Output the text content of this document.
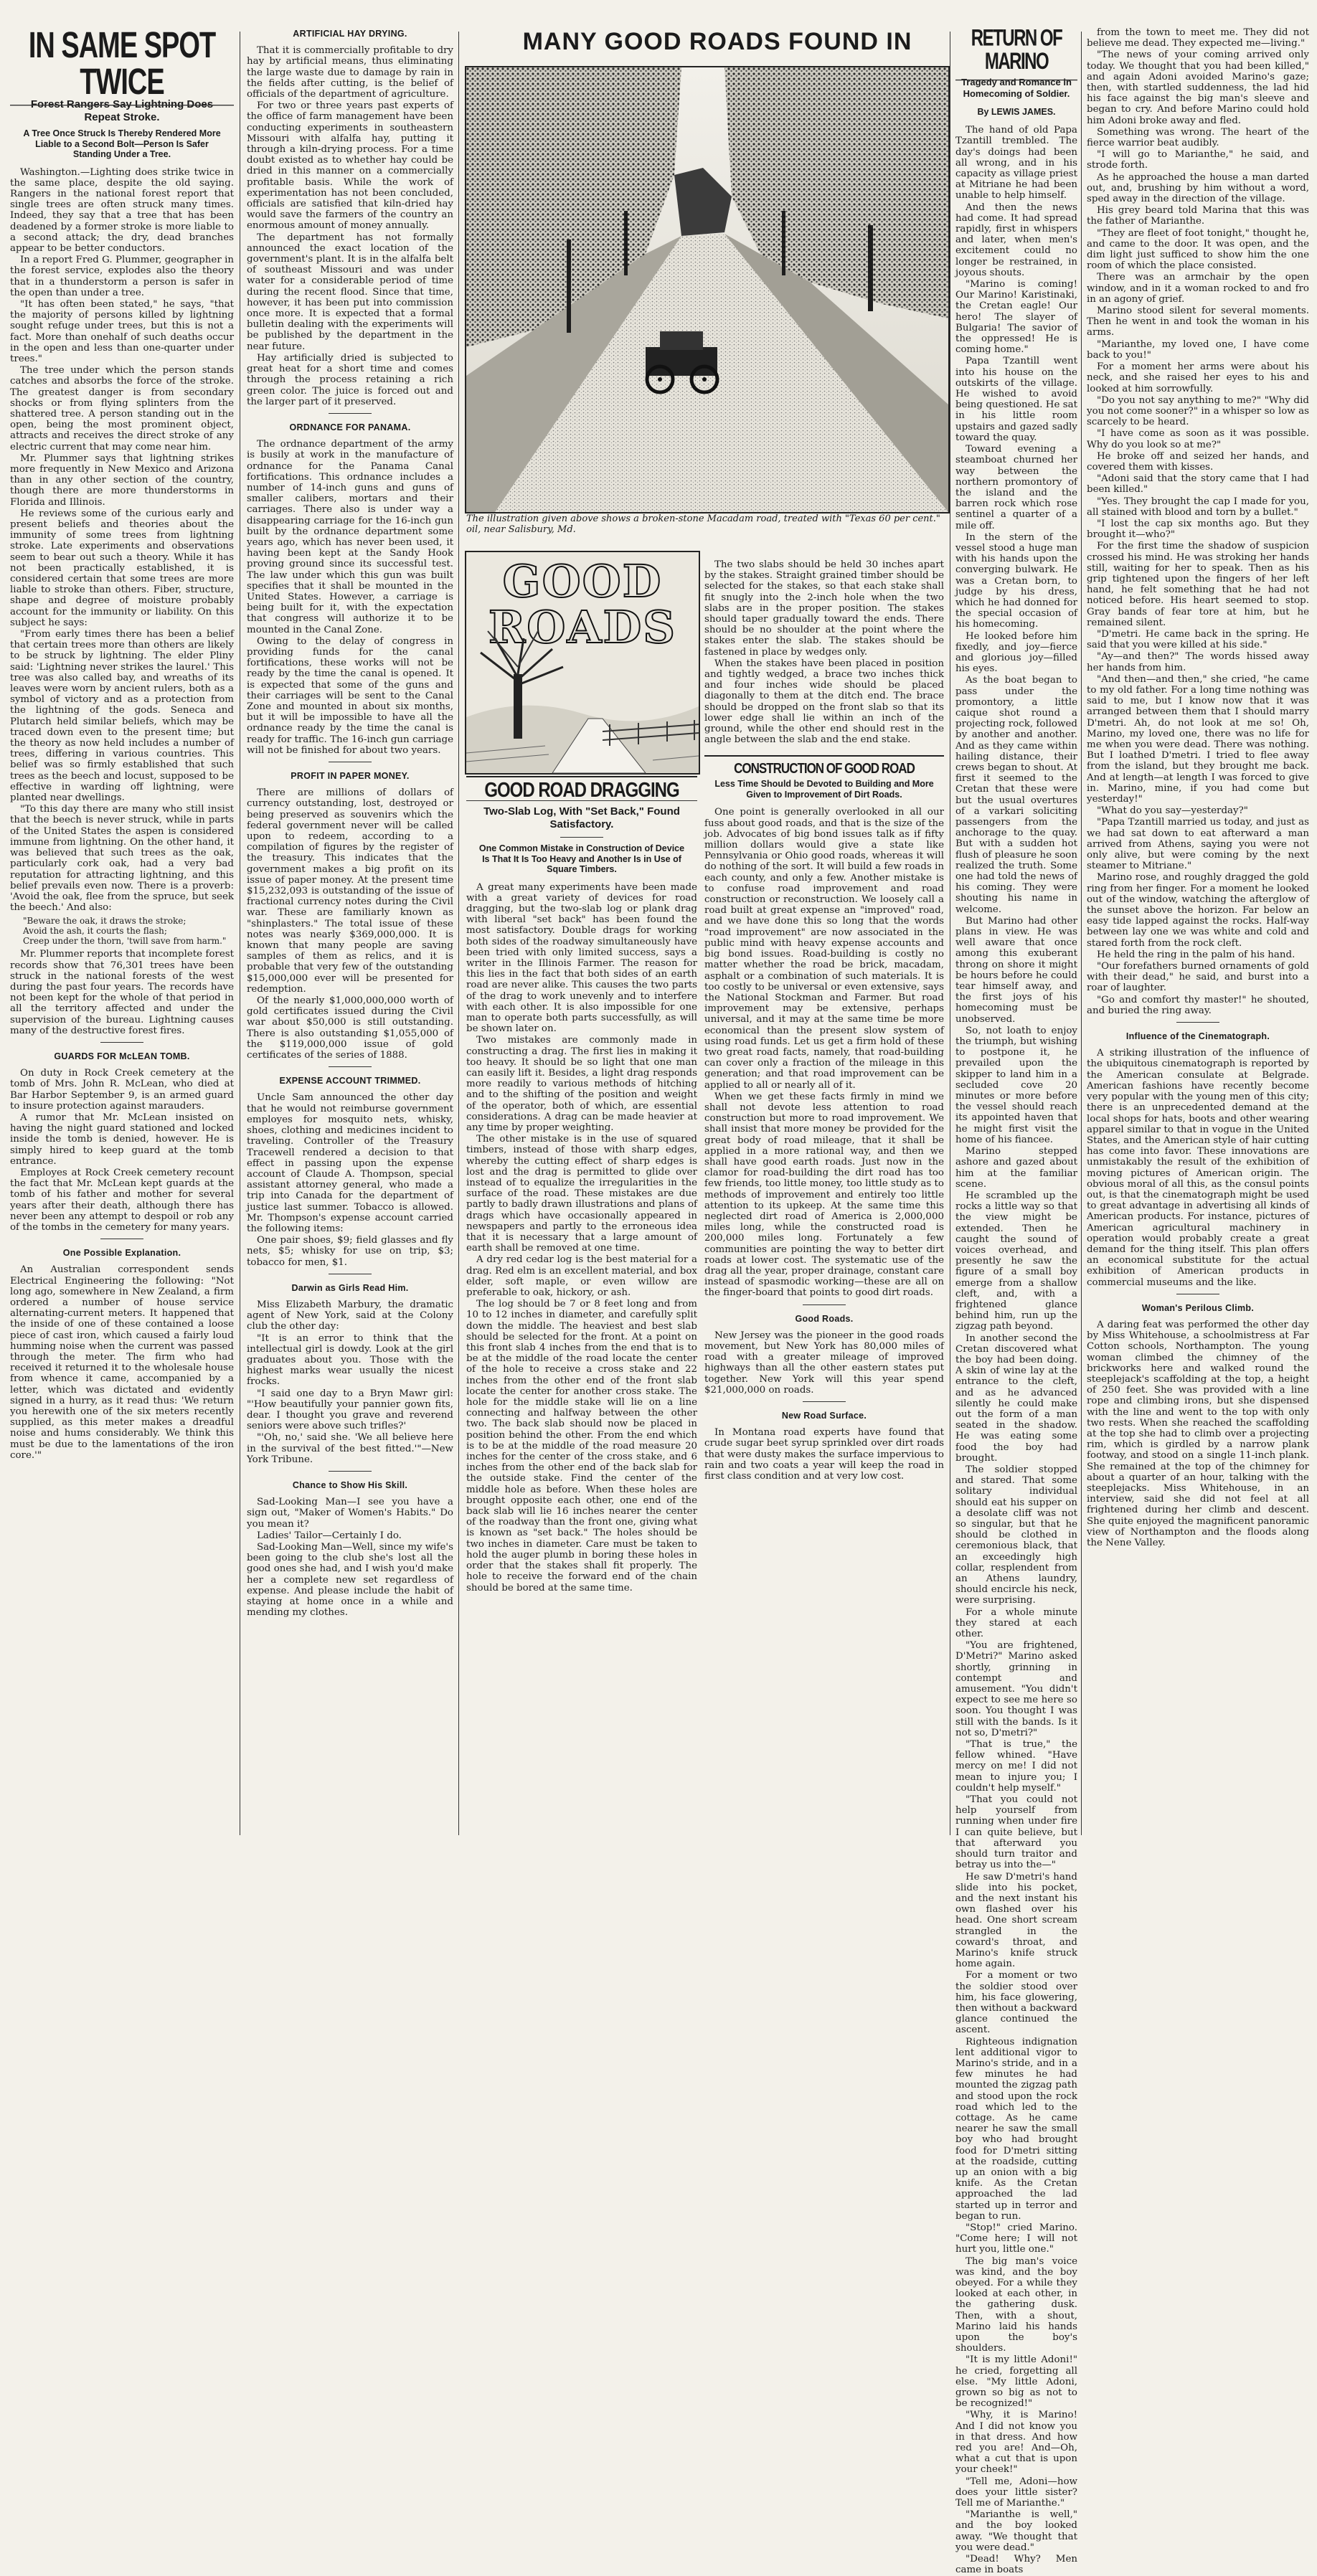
IN SAME SPOT TWICE
Forest Rangers Say Lightning Does Repeat Stroke.
A Tree Once Struck Is Thereby Rendered More Liable to a Second Bolt—Person Is Safer Standing Under a Tree.

Washington.—Lighting does strike twice in the same place, despite the old saying. Rangers in the national forest report that single trees are often struck many times. Indeed, they say that a tree that has been deadened by a former stroke is more liable to a second attack; the dry, dead branches appear to be better conductors.

In a report Fred G. Plummer, geographer in the forest service, explodes also the theory that in a thunderstorm a person is safer in the open than under a tree.

"It has often been stated," he says, "that the majority of persons killed by lightning sought refuge under trees, but this is not a fact. More than onehalf of such deaths occur in the open and less than one-quarter under trees."

The tree under which the person stands catches and absorbs the force of the stroke. The greatest danger is from secondary shocks or from flying splinters from the shattered tree. A person standing out in the open, being the most prominent object, attracts and receives the direct stroke of any electric current that may come near him.

Mr. Plummer says that lightning strikes more frequently in New Mexico and Arizona than in any other section of the country, though there are more thunderstorms in Florida and Illinois.

He reviews some of the curious early and present beliefs and theories about the immunity of some trees from lightning stroke. Late experiments and observations seem to bear out such a theory. While it has not been practically established, it is considered certain that some trees are more liable to stroke than others. Fiber, structure, shape and degree of moisture probably account for the immunity or liability. On this subject he says:

"From early times there has been a belief that certain trees more than others are likely to be struck by lightning. The elder Pliny said: 'Lightning never strikes the laurel.' This tree was also called bay, and wreaths of its leaves were worn by ancient rulers, both as a symbol of victory and as a protection from the lightning of the gods. Seneca and Plutarch held similar beliefs, which may be traced down even to the present time; but the theory as now held includes a number of trees, differing in various countries. This belief was so firmly established that such trees as the beech and locust, supposed to be effective in warding off lightning, were planted near dwellings.

"To this day there are many who still insist that the beech is never struck, while in parts of the United States the aspen is considered immune from lightning. On the other hand, it was believed that such trees as the oak, particularly cork oak, had a very bad reputation for attracting lightning, and this belief prevails even now. There is a proverb: 'Avoid the oak, flee from the spruce, but seek the beech.' And also:

"Beware the oak, it draws the stroke;
Avoid the ash, it courts the flash;
Creep under the thorn, 'twill save from harm."

Mr. Plummer reports that incomplete forest records show that 76,301 trees have been struck in the national forests of the west during the past four years. The records have not been kept for the whole of that period in all the territory affected and under the supervision of the bureau. Lightning causes many of the destructive forest fires.

GUARDS FOR McLEAN TOMB.

On duty in Rock Creek cemetery at the tomb of Mrs. John R. McLean, who died at Bar Harbor September 9, is an armed guard to insure protection against marauders.

A rumor that Mr. McLean insisted on having the night guard stationed and locked inside the tomb is denied, however. He is simply hired to keep guard at the tomb entrance.

Employes at Rock Creek cemetery recount the fact that Mr. McLean kept guards at the tomb of his father and mother for several years after their death, although there has never been any attempt to despoil or rob any of the tombs in the cemetery for many years.

One Possible Explanation.

An Australian correspondent sends Electrical Engineering the following: "Not long ago, somewhere in New Zealand, a firm ordered a number of house service alternating-current meters. It happened that the inside of one of these contained a loose piece of cast iron, which caused a fairly loud humming noise when the current was passed through the meter. The firm who had received it returned it to the wholesale house from whence it came, accompanied by a letter, which was dictated and evidently signed in a hurry, as it read thus: 'We return you herewith one of the six meters recently supplied, as this meter makes a dreadful noise and hums considerably. We think this must be due to the lamentations of the iron core.'"

ARTIFICIAL HAY DRYING.

That it is commercially profitable to dry hay by artificial means, thus eliminating the large waste due to damage by rain in the fields after cutting, is the belief of officials of the department of agriculture.

For two or three years past experts of the office of farm management have been conducting experiments in southeastern Missouri with alfalfa hay, putting it through a kiln-drying process. For a time doubt existed as to whether hay could be dried in this manner on a commercially profitable basis. While the work of experimentation has not been concluded, officials are satisfied that kiln-dried hay would save the farmers of the country an enormous amount of money annually.

The department has not formally announced the exact location of the government's plant. It is in the alfalfa belt of southeast Missouri and was under water for a considerable period of time during the recent flood. Since that time, however, it has been put into commission once more. It is expected that a formal bulletin dealing with the experiments will be published by the department in the near future.

Hay artificially dried is subjected to great heat for a short time and comes through the process retaining a rich green color. The juice is forced out and the larger part of it preserved.

ORDNANCE FOR PANAMA.

The ordnance department of the army is busily at work in the manufacture of ordnance for the Panama Canal fortifications. This ordnance includes a number of 14-inch guns and guns of smaller calibers, mortars and their carriages. There also is under way a disappearing carriage for the 16-inch gun built by the ordnance department some years ago, which has never been used, it having been kept at the Sandy Hook proving ground since its successful test. The law under which this gun was built specifies that it shall be mounted in the United States. However, a carriage is being built for it, with the expectation that congress will authorize it to be mounted in the Canal Zone.

Owing to the delay of congress in providing funds for the canal fortifications, these works will not be ready by the time the canal is opened. It is expected that some of the guns and their carriages will be sent to the Canal Zone and mounted in about six months, but it will be impossible to have all the ordnance ready by the time the canal is ready for traffic. The 16-inch gun carriage will not be finished for about two years.

PROFIT IN PAPER MONEY.

There are millions of dollars of currency outstanding, lost, destroyed or being preserved as souvenirs which the federal government never will be called upon to redeem, according to a compilation of figures by the register of the treasury. This indicates that the government makes a big profit on its issue of paper money. At the present time $15,232,093 is outstanding of the issue of fractional currency notes during the Civil war. These are familiarly known as "shinplasters." The total issue of these notes was nearly $369,000,000. It is known that many people are saving samples of them as relics, and it is probable that very few of the outstanding $15,000,000 ever will be presented for redemption.

Of the nearly $1,000,000,000 worth of gold certificates issued during the Civil war about $50,000 is still outstanding. There is also outstanding $1,055,000 of the $119,000,000 issue of gold certificates of the series of 1888.

EXPENSE ACCOUNT TRIMMED.

Uncle Sam announced the other day that he would not reimburse government employes for mosquito nets, whisky, shoes, clothing and medicines incident to traveling. Controller of the Treasury Tracewell rendered a decision to that effect in passing upon the expense account of Claude A. Thompson, special assistant attorney general, who made a trip into Canada for the department of justice last summer. Tobacco is allowed. Mr. Thompson's expense account carried the following items:

One pair shoes, $9; field glasses and fly nets, $5; whisky for use on trip, $3; tobacco for men, $1.

Darwin as Girls Read Him.

Miss Elizabeth Marbury, the dramatic agent of New York, said at the Colony club the other day:

"It is an error to think that the intellectual girl is dowdy. Look at the girl graduates about you. Those with the highest marks wear usually the nicest frocks.

"I said one day to a Bryn Mawr girl: "'How beautifully your pannier gown fits, dear. I thought you grave and reverend seniors were above such trifles?'

"'Oh, no,' said she. 'We all believe here in the survival of the best fitted.'"—New York Tribune.

Chance to Show His Skill.

Sad-Looking Man—I see you have a sign out, "Maker of Women's Habits." Do you mean it?

Ladies' Tailor—Certainly I do.

Sad-Looking Man—Well, since my wife's been going to the club she's lost all the good ones she had, and I wish you'd make her a complete new set regardless of expense. And please include the habit of staying at home once in a while and mending my clothes.

MANY GOOD ROADS FOUND IN
The illustration given above shows a broken-stone Macadam road, treated with "Texas 60 per cent." oil, near Salisbury, Md.
GOOD
ROADS
GOOD ROAD DRAGGING
Two-Slab Log, With "Set Back," Found Satisfactory.
One Common Mistake in Construction of Device Is That It Is Too Heavy and Another Is in Use of Square Timbers.

A great many experiments have been made with a great variety of devices for road dragging, but the two-slab log or plank drag with liberal "set back" has been found the most satisfactory. Double drags for working both sides of the roadway simultaneously have been tried with only limited success, says a writer in the Illinois Farmer. The reason for this lies in the fact that both sides of an earth road are never alike. This causes the two parts of the drag to work unevenly and to interfere with each other. It is also impossible for one man to operate both parts successfully, as will be shown later on.

Two mistakes are commonly made in constructing a drag. The first lies in making it too heavy. It should be so light that one man can easily lift it. Besides, a light drag responds more readily to various methods of hitching and to the shifting of the position and weight of the operator, both of which, are essential considerations. A drag can be made heavier at any time by proper weighting.

The other mistake is in the use of squared timbers, instead of those with sharp edges, whereby the cutting effect of sharp edges is lost and the drag is permitted to glide over instead of to equalize the irregularities in the surface of the road. These mistakes are due partly to badly drawn illustrations and plans of drags which have occasionally appeared in newspapers and partly to the erroneous idea that it is necessary that a large amount of earth shall be removed at one time.

A dry red cedar log is the best material for a drag. Red elm is an excellent material, and box elder, soft maple, or even willow are preferable to oak, hickory, or ash.

The log should be 7 or 8 feet long and from 10 to 12 inches in diameter, and carefully split down the middle. The heaviest and best slab should be selected for the front. At a point on this front slab 4 inches from the end that is to be at the middle of the road locate the center of the hole to receive a cross stake and 22 inches from the other end of the front slab locate the center for another cross stake. The hole for the middle stake will lie on a line connecting and halfway between the other two. The back slab should now be placed in position behind the other. From the end which is to be at the middle of the road measure 20 inches for the center of the cross stake, and 6 inches from the other end of the back slab for the outside stake. Find the center of the middle hole as before. When these holes are brought opposite each other, one end of the back slab will lie 16 inches nearer the center of the roadway than the front one, giving what is known as "set back." The holes should be two inches in diameter. Care must be taken to hold the auger plumb in boring these holes in order that the stakes shall fit properly. The hole to receive the forward end of the chain should be bored at the same time.

The two slabs should be held 30 inches apart by the stakes. Straight grained timber should be selected for the stakes, so that each stake shall fit snugly into the 2-inch hole when the two slabs are in the proper position. The stakes should taper gradually toward the ends. There should be no shoulder at the point where the stakes enter the slab. The stakes should be fastened in place by wedges only.

When the stakes have been placed in position and tightly wedged, a brace two inches thick and four inches wide should be placed diagonally to them at the ditch end. The brace should be dropped on the front slab so that its lower edge shall lie within an inch of the ground, while the other end should rest in the angle between the slab and the end stake.

CONSTRUCTION OF GOOD ROAD
Less Time Should be Devoted to Building and More Given to Improvement of Dirt Roads.

One point is generally overlooked in all our fuss about good roads, and that is the size of the job. Advocates of big bond issues talk as if fifty million dollars would give a state like Pennsylvania or Ohio good roads, whereas it will do nothing of the sort. It will build a few roads in each county, and only a few. Another mistake is to confuse road improvement and road construction or reconstruction. We loosely call a road built at great expense an "improved" road, and we have done this so long that the words "road improvement" are now associated in the public mind with heavy expense accounts and big bond issues. Road-building is costly no matter whether the road be brick, macadam, asphalt or a combination of such materials. It is too costly to be universal or even extensive, says the National Stockman and Farmer. But road improvement may be extensive, perhaps universal, and it may at the same time be more economical than the present slow system of using road funds. Let us get a firm hold of these two great road facts, namely, that road-building can cover only a fraction of the mileage in this generation; and that road improvement can be applied to all or nearly all of it.

When we get these facts firmly in mind we shall not devote less attention to road construction but more to road improvement. We shall insist that more money be provided for the great body of road mileage, that it shall be applied in a more rational way, and then we shall have good earth roads. Just now in the clamor for road-building the dirt road has too few friends, too little money, too little study as to methods of improvement and entirely too little attention to its upkeep. At the same time this neglected dirt road of America is 2,000,000 miles long, while the constructed road is 200,000 miles long. Fortunately a few communities are pointing the way to better dirt roads at lower cost. The systematic use of the drag all the year, proper drainage, constant care instead of spasmodic working—these are all on the finger-board that points to good dirt roads.

Good Roads.

New Jersey was the pioneer in the good roads movement, but New York has 80,000 miles of road with a greater mileage of improved highways than all the other eastern states put together. New York will this year spend $21,000,000 on roads.

New Road Surface.

In Montana road experts have found that crude sugar beet syrup sprinkled over dirt roads that were dusty makes the surface impervious to rain and two coats a year will keep the road in first class condition and at very low cost.

RETURN OF MARINO
Tragedy and Romance in Homecoming of Soldier.
By LEWIS JAMES.

The hand of old Papa Tzantill trembled. The day's doings had been all wrong, and in his capacity as village priest at Mitriane he had been unable to help himself.

And then the news had come. It had spread rapidly, first in whispers and later, when men's excitement could no longer be restrained, in joyous shouts.

"Marino is coming! Our Marino! Karistinaki, the Cretan eagle! Our hero! The slayer of Bulgaria! The savior of the oppressed! He is coming home."

Papa Tzantill went into his house on the outskirts of the village. He wished to avoid being questioned. He sat in his little room upstairs and gazed sadly toward the quay.

Toward evening a steamboat churned her way between the northern promontory of the island and the barren rock which rose sentinel a quarter of a mile off.

In the stern of the vessel stood a huge man with his hands upon the converging bulwark. He was a Cretan born, to judge by his dress, which he had donned for the special occasion of his homecoming.

He looked before him fixedly, and joy—fierce and glorious joy—filled his eyes.

As the boat began to pass under the promontory, a little caique shot round a projecting rock, followed by another and another. And as they came within hailing distance, their crews began to shout. At first it seemed to the Cretan that these were but the usual overtures of a varkari soliciting passengers from the anchorage to the quay. But with a sudden hot flush of pleasure he soon realized the truth. Some one had told the news of his coming. They were shouting his name in welcome.

But Marino had other plans in view. He was well aware that once among this exuberant throng on shore it might be hours before he could tear himself away, and the first joys of his homecoming must be unobserved.

So, not loath to enjoy the triumph, but wishing to postpone it, he prevailed upon the skipper to land him in a secluded cove 20 minutes or more before the vessel should reach its appointed haven that he might first visit the home of his fiancee.

Marino stepped ashore and gazed about him at the familiar scene.

He scrambled up the rocks a little way so that the view might be extended. Then he caught the sound of voices overhead, and presently he saw the figure of a small boy emerge from a shallow cleft, and, with a frightened glance behind him, run up the zigzag path beyond.

In another second the Cretan discovered what the boy had been doing. A skin of wine lay at the entrance to the cleft, and as he advanced silently he could make out the form of a man seated in the shadow. He was eating some food the boy had brought.

The soldier stopped and stared. That some solitary individual should eat his supper on a desolate cliff was not so singular, but that he should be clothed in ceremonious black, that an exceedingly high collar, resplendent from an Athens laundry, should encircle his neck, were surprising.

For a whole minute they stared at each other.

"You are frightened, D'Metri?" Marino asked shortly, grinning in contempt and amusement. "You didn't expect to see me here so soon. You thought I was still with the bands. Is it not so, D'metri?"

"That is true," the fellow whined. "Have mercy on me! I did not mean to injure you; I couldn't help myself."

"That you could not help yourself from running when under fire I can quite believe, but that afterward you should turn traitor and betray us into the—"

He saw D'metri's hand slide into his pocket, and the next instant his own flashed over his head. One short scream strangled in the coward's throat, and Marino's knife struck home again.

For a moment or two the soldier stood over him, his face glowering, then without a backward glance continued the ascent.

Righteous indignation lent additional vigor to Marino's stride, and in a few minutes he had mounted the zigzag path and stood upon the rock road which led to the cottage. As he came nearer he saw the small boy who had brought food for D'metri sitting at the roadside, cutting up an onion with a big knife. As the Cretan approached the lad started up in terror and began to run.

"Stop!" cried Marino. "Come here; I will not hurt you, little one."

The big man's voice was kind, and the boy obeyed. For a while they looked at each other, in the gathering dusk. Then, with a shout, Marino laid his hands upon the boy's shoulders.

"It is my little Adoni!" he cried, forgetting all else. "My little Adoni, grown so big as not to be recognized!"

"Why, it is Marino! And I did not know you in that dress. And how red you are! And—Oh, what a cut that is upon your cheek!"

"Tell me, Adoni—how does your little sister? Tell me of Marianthe."

"Marianthe is well," and the boy looked away. "We thought that you were dead."

"Dead! Why? Men came in boats

from the town to meet me. They did not believe me dead. They expected me—living."

"The news of your coming arrived only today. We thought that you had been killed," and again Adoni avoided Marino's gaze; then, with startled suddenness, the lad hid his face against the big man's sleeve and began to cry. And before Marino could hold him Adoni broke away and fled.

Something was wrong. The heart of the fierce warrior beat audibly.

"I will go to Marianthe," he said, and strode forth.

As he approached the house a man darted out, and, brushing by him without a word, sped away in the direction of the village.

His grey beard told Marina that this was the father of Marianthe.

"They are fleet of foot tonight," thought he, and came to the door. It was open, and the dim light just sufficed to show him the one room of which the place consisted.

There was an armchair by the open window, and in it a woman rocked to and fro in an agony of grief.

Marino stood silent for several moments. Then he went in and took the woman in his arms.

"Marianthe, my loved one, I have come back to you!"

For a moment her arms were about his neck, and she raised her eyes to his and looked at him sorrowfully.

"Do you not say anything to me?" "Why did you not come sooner?" in a whisper so low as scarcely to be heard.

"I have come as soon as it was possible. Why do you look so at me?"

He broke off and seized her hands, and covered them with kisses.

"Adoni said that the story came that I had been killed."

"Yes. They brought the cap I made for you, all stained with blood and torn by a bullet."

"I lost the cap six months ago. But they brought it—who?"

For the first time the shadow of suspicion crossed his mind. He was stroking her hands still, waiting for her to speak. Then as his grip tightened upon the fingers of her left hand, he felt something that he had not noticed before. His heart seemed to stop. Gray bands of fear tore at him, but he remained silent.

"D'metri. He came back in the spring. He said that you were killed at his side."

"Ay—and then?" The words hissed away her hands from him.

"And then—and then," she cried, "he came to my old father. For a long time nothing was said to me, but I know now that it was arranged between them that I should marry D'metri. Ah, do not look at me so! Oh, Marino, my loved one, there was no life for me when you were dead. There was nothing. But I loathed D'metri. I tried to flee away from the island, but they brought me back. And at length—at length I was forced to give in. Marino, mine, if you had come but yesterday!"

"What do you say—yesterday?"

"Papa Tzantill married us today, and just as we had sat down to eat afterward a man arrived from Athens, saying you were not only alive, but were coming by the next steamer to Mitriane."

Marino rose, and roughly dragged the gold ring from her finger. For a moment he looked out of the window, watching the afterglow of the sunset above the horizon. Far below an easy tide lapped against the rocks. Half-way between lay one we was white and cold and stared forth from the rock cleft.

He held the ring in the palm of his hand.

"Our forefathers burned ornaments of gold with their dead," he said, and burst into a roar of laughter.

"Go and comfort thy master!" he shouted, and buried the ring away.

Influence of the Cinematograph.

A striking illustration of the influence of the ubiquitous cinematograph is reported by the American consulate at Belgrade. American fashions have recently become very popular with the young men of this city; there is an unprecedented demand at the local shops for hats, boots and other wearing apparel similar to that in vogue in the United States, and the American style of hair cutting has come into favor. These innovations are unmistakably the result of the exhibition of moving pictures of American origin. The obvious moral of all this, as the consul points out, is that the cinematograph might be used to great advantage in advertising all kinds of American products. For instance, pictures of American agricultural machinery in operation would probably create a great demand for the thing itself. This plan offers an economical substitute for the actual exhibition of American products in commercial museums and the like.

Woman's Perilous Climb.

A daring feat was performed the other day by Miss Whitehouse, a schoolmistress at Far Cotton schools, Northampton. The young woman climbed the chimney of the brickworks here and walked round the steeplejack's scaffolding at the top, a height of 250 feet. She was provided with a line rope and climbing irons, but she dispensed with the line and went to the top with only two rests. When she reached the scaffolding at the top she had to climb over a projecting rim, which is girdled by a narrow plank footway, and stood on a single 11-inch plank. She remained at the top of the chimney for about a quarter of an hour, talking with the steeplejacks. Miss Whitehouse, in an interview, said she did not feel at all frightened during her climb and descent. She quite enjoyed the magnificent panoramic view of Northampton and the floods along the Nene Valley.
